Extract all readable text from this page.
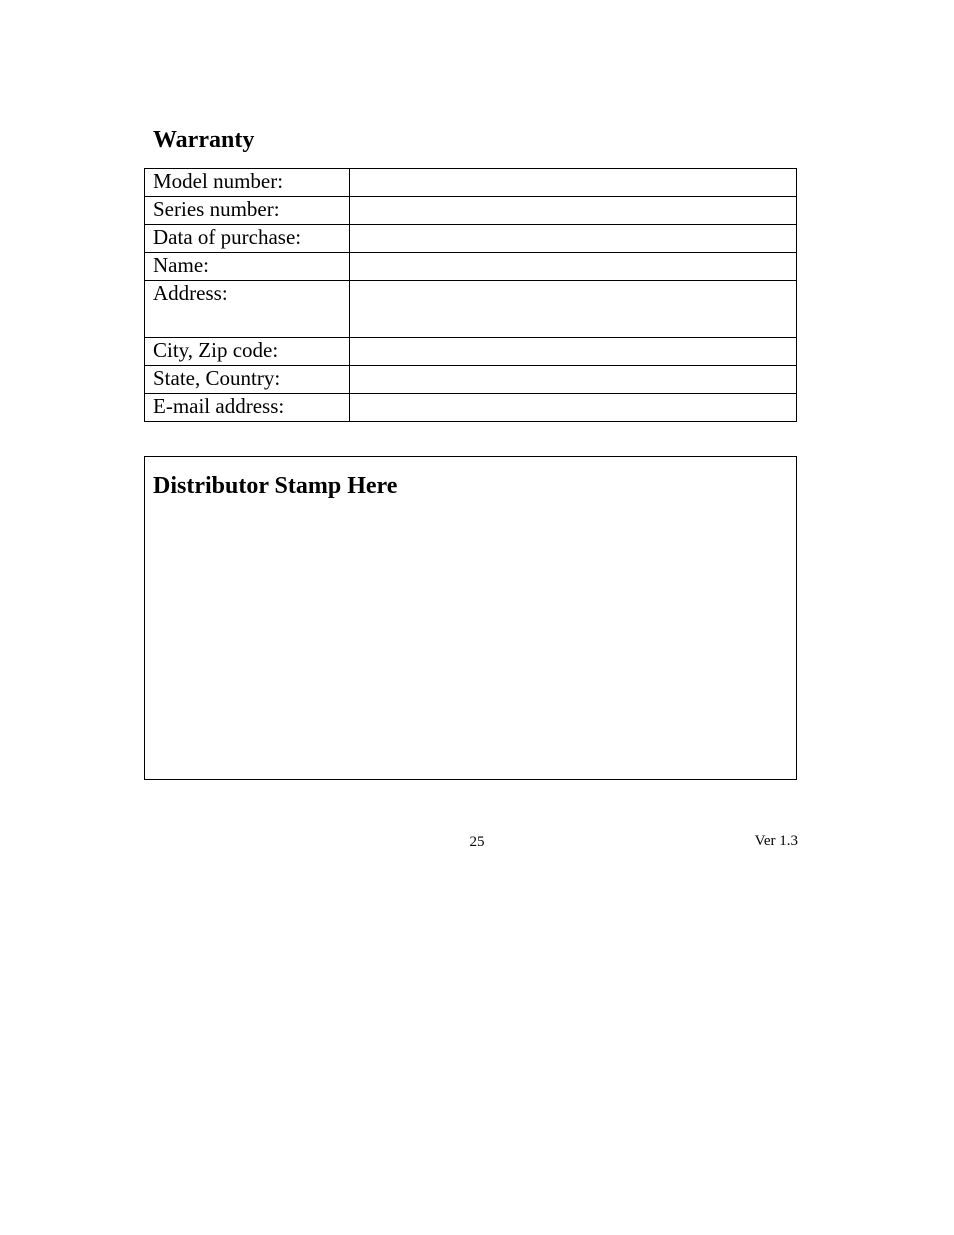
Warranty
Model number:	
Series number:	
Data of purchase:	
Name:	
Address:	
City, Zip code:	
State, Country:	
E-mail address:	
Distributor Stamp Here
25	Ver 1.3
